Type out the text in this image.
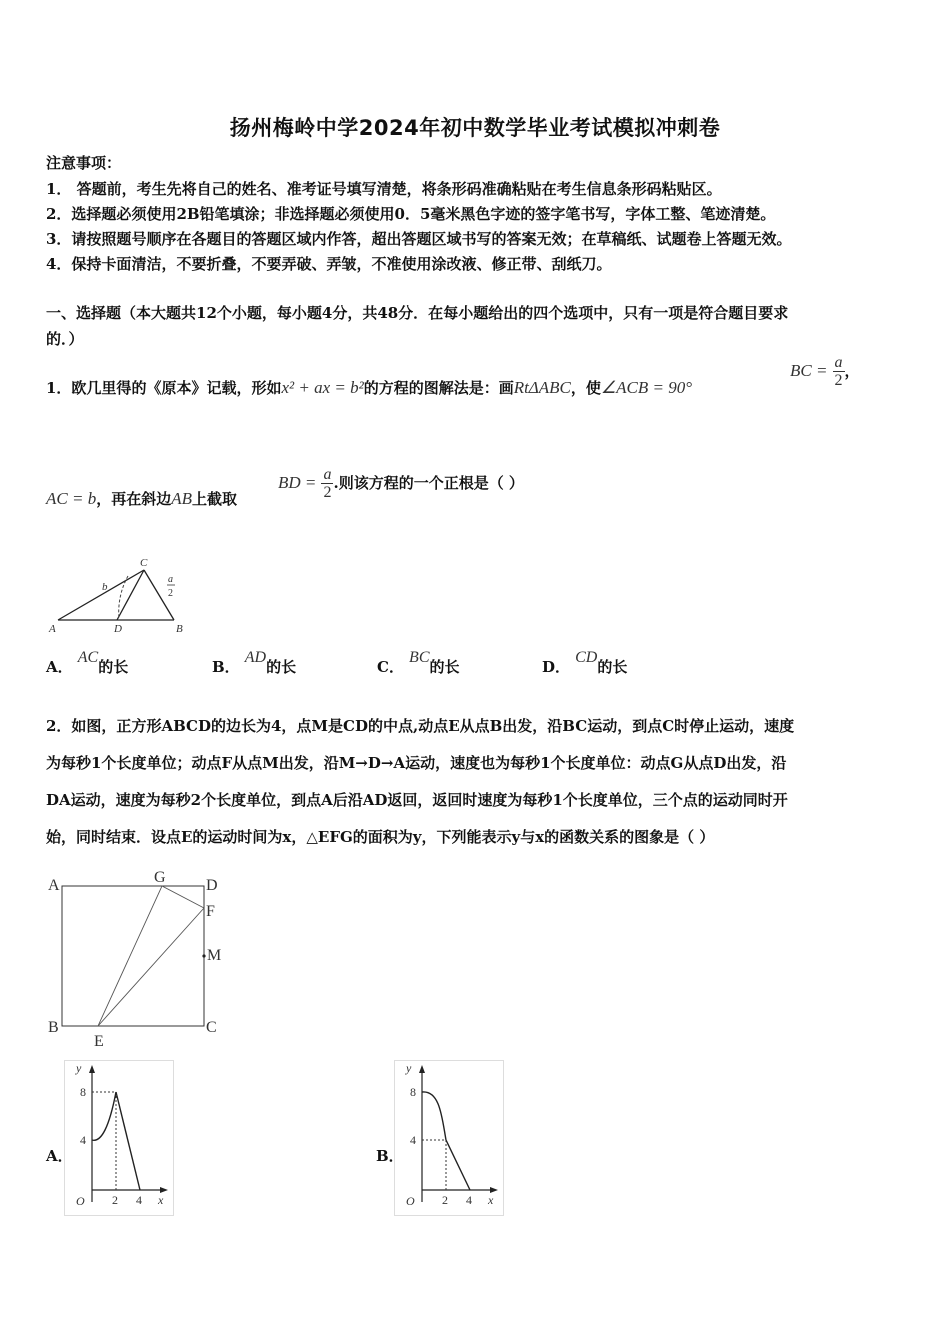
扬州梅岭中学2024年初中数学毕业考试模拟冲刺卷
注意事项：
1． 答题前，考生先将自己的姓名、准考证号填写清楚，将条形码准确粘贴在考生信息条形码粘贴区。
2．选择题必须使用2B铅笔填涂；非选择题必须使用0．5毫米黑色字迹的签字笔书写，字体工整、笔迹清楚。
3．请按照题号顺序在各题目的答题区域内作答，超出答题区域书写的答案无效；在草稿纸、试题卷上答题无效。
4．保持卡面清洁，不要折叠，不要弄破、弄皱，不准使用涂改液、修正带、刮纸刀。
一、选择题（本大题共12个小题，每小题4分，共48分．在每小题给出的四个选项中，只有一项是符合题目要求
的．）
1．欧几里得的《原本》记载，形如x² + ax = b²的方程的图解法是：画RtΔABC，使∠ACB = 90°
BC = $\frac{a}{2}$ ，
AC = b，再在斜边AB上截取
BD = $\frac{a}{2}$ .则该方程的一个正根是（ ）
A	B
C
D
b
a
2
A． AC的长	B． AD的长	C． BC的长	D． CD的长
2．如图，正方形ABCD的边长为4，点M是CD的中点,动点E从点B出发，沿BC运动，到点C时停止运动，速度
为每秒1个长度单位；动点F从点M出发，沿M→D→A运动，速度也为每秒1个长度单位：动点G从点D出发，沿
DA运动，速度为每秒2个长度单位，到点A后沿AD返回，返回时速度为每秒1个长度单位，三个点的运动同时开
始，同时结束．设点E的运动时间为x，△EFG的面积为y，下列能表示y与x的函数关系的图象是（ ）
A	G	D
F
M
B
E
C
A．
y
8
4
O 2 4 x
B．
y
8
4
O 2 4 x
